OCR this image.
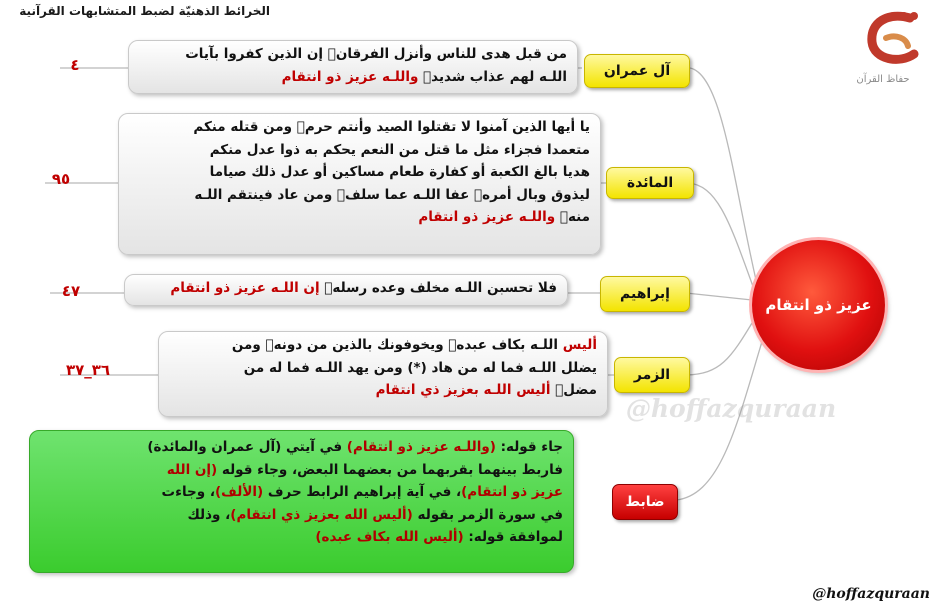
الخرائط الذهنيّة لضبط المتشابهات القرآنية
حفاظ القرآن
٤
من قبل هدى للناس وأنزل الفرقانۗ إن الذين كفروا بآيات
اللـه لهم عذاب شديدۗ واللـه عزيز ذو انتقام	آل عمران
٩٥
يا أيها الذين آمنوا لا تقتلوا الصيد وأنتم حرمۚ ومن قتله منكم
متعمدا فجزاء مثل ما قتل من النعم يحكم به ذوا عدل منكم
هديا بالغ الكعبة أو كفارة طعام مساكين أو عدل ذلك صياما
ليذوق وبال أمرهۗ عفا اللـه عما سلفۚ ومن عاد فينتقم اللـه
منهۗ واللـه عزيز ذو انتقام
المائدة
٤٧	فلا تحسبن اللـه مخلف وعده رسلهۚ إن اللـه عزيز ذو انتقام	إبراهيم
٣٦_٣٧
أليس اللـه بكاف عبدهۖ ويخوفونك بالذين من دونهۚ ومن
يضلل اللـه فما له من هاد (*) ومن يهد اللـه فما له من
مضلۗ أليس اللـه بعزيز ذي انتقام
الزمر
جاء قوله: (واللـه عزيز ذو انتقام) في آيتي (آل عمران والمائدة)
فاربط بينهما بقربهما من بعضهما البعض، وجاء قوله (إن الله
عزيز ذو انتقام)، في آية إبراهيم الرابط حرف (الألف)، وجاءت
في سورة الزمر بقوله (أليس الله بعزيز ذي انتقام)، وذلك
لموافقة قوله: (أليس الله بكاف عبده)
ضابط
عزيز ذو انتقام
@hoffazquraan
@hoffazquraan
